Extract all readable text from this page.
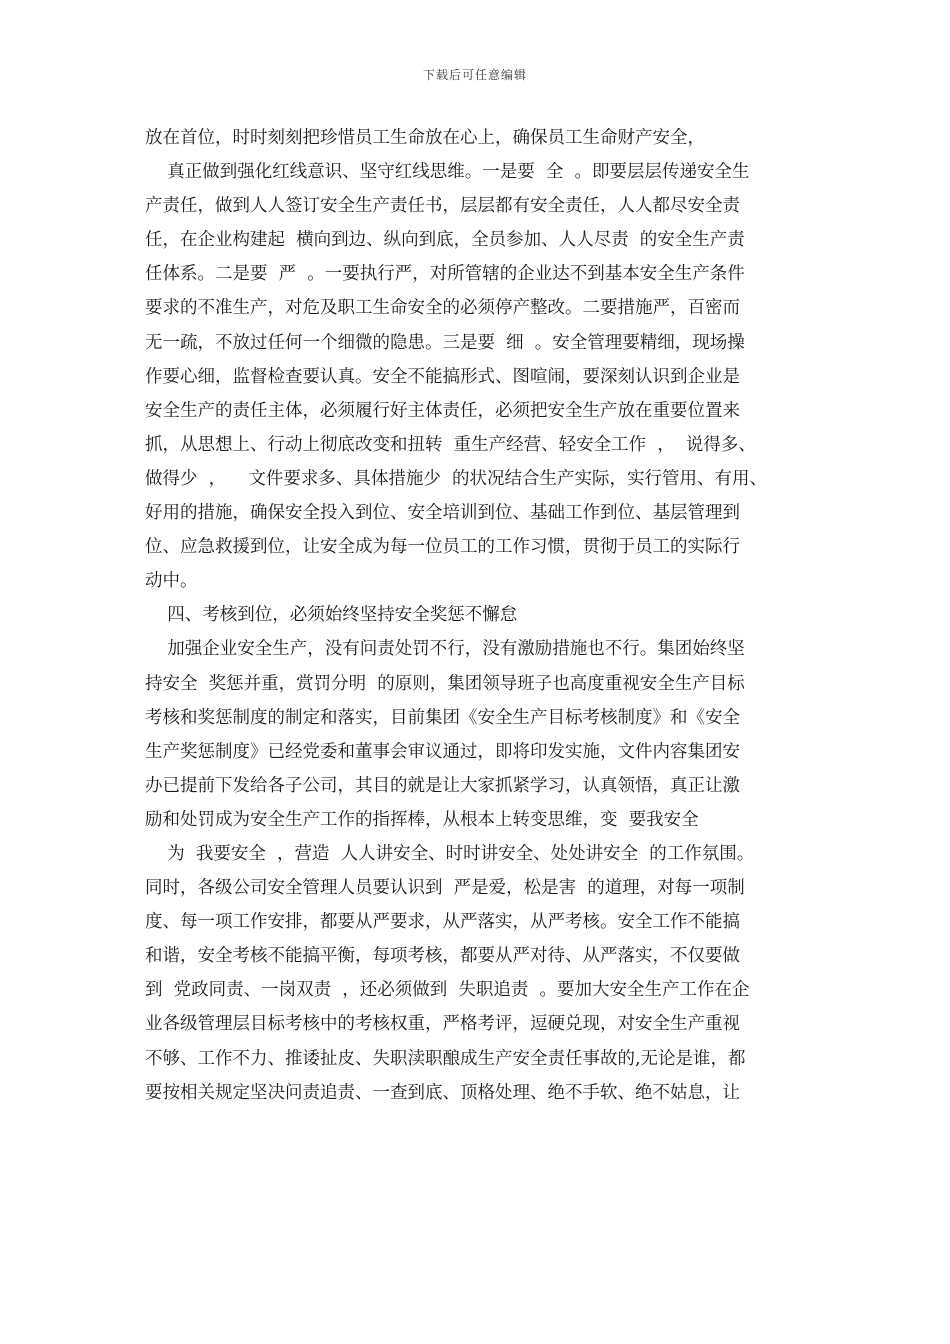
下载后可任意编辑
放在首位，时时刻刻把珍惜员工生命放在心上，确保员工生命财产安全，
真正做到强化红线意识、坚守红线思维。一是要  全  。即要层层传递安全生
产责任，做到人人签订安全生产责任书，层层都有安全责任，人人都尽安全责
任，在企业构建起  横向到边、纵向到底，全员参加、人人尽责  的安全生产责
任体系。二是要  严  。一要执行严，对所管辖的企业达不到基本安全生产条件
要求的不准生产，对危及职工生命安全的必须停产整改。二要措施严，百密而
无一疏，不放过任何一个细微的隐患。三是要  细  。安全管理要精细，现场操
作要心细，监督检查要认真。安全不能搞形式、图喧闹，要深刻认识到企业是
安全生产的责任主体，必须履行好主体责任，必须把安全生产放在重要位置来
抓，从思想上、行动上彻底改变和扭转  重生产经营、轻安全工作  ，  说得多、
做得少  ，    文件要求多、具体措施少  的状况结合生产实际，实行管用、有用、
好用的措施，确保安全投入到位、安全培训到位、基础工作到位、基层管理到
位、应急救援到位，让安全成为每一位员工的工作习惯，贯彻于员工的实际行
动中。
四、考核到位，必须始终坚持安全奖惩不懈怠
加强企业安全生产，没有问责处罚不行，没有激励措施也不行。集团始终坚
持安全  奖惩并重，赏罚分明  的原则，集团领导班子也高度重视安全生产目标
考核和奖惩制度的制定和落实，目前集团《安全生产目标考核制度》和《安全
生产奖惩制度》已经党委和董事会审议通过，即将印发实施，文件内容集团安
办已提前下发给各子公司，其目的就是让大家抓紧学习，认真领悟，真正让激
励和处罚成为安全生产工作的指挥棒，从根本上转变思维，变  要我安全
为  我要安全  ，营造  人人讲安全、时时讲安全、处处讲安全  的工作氛围。
同时，各级公司安全管理人员要认识到  严是爱，松是害  的道理，对每一项制
度、每一项工作安排，都要从严要求，从严落实，从严考核。安全工作不能搞
和谐，安全考核不能搞平衡，每项考核，都要从严对待、从严落实，不仅要做
到  党政同责、一岗双责  ，还必须做到  失职追责  。要加大安全生产工作在企
业各级管理层目标考核中的考核权重，严格考评，逗硬兑现，对安全生产重视
不够、工作不力、推诿扯皮、失职渎职酿成生产安全责任事故的,无论是谁，都
要按相关规定坚决问责追责、一查到底、顶格处理、绝不手软、绝不姑息，让
